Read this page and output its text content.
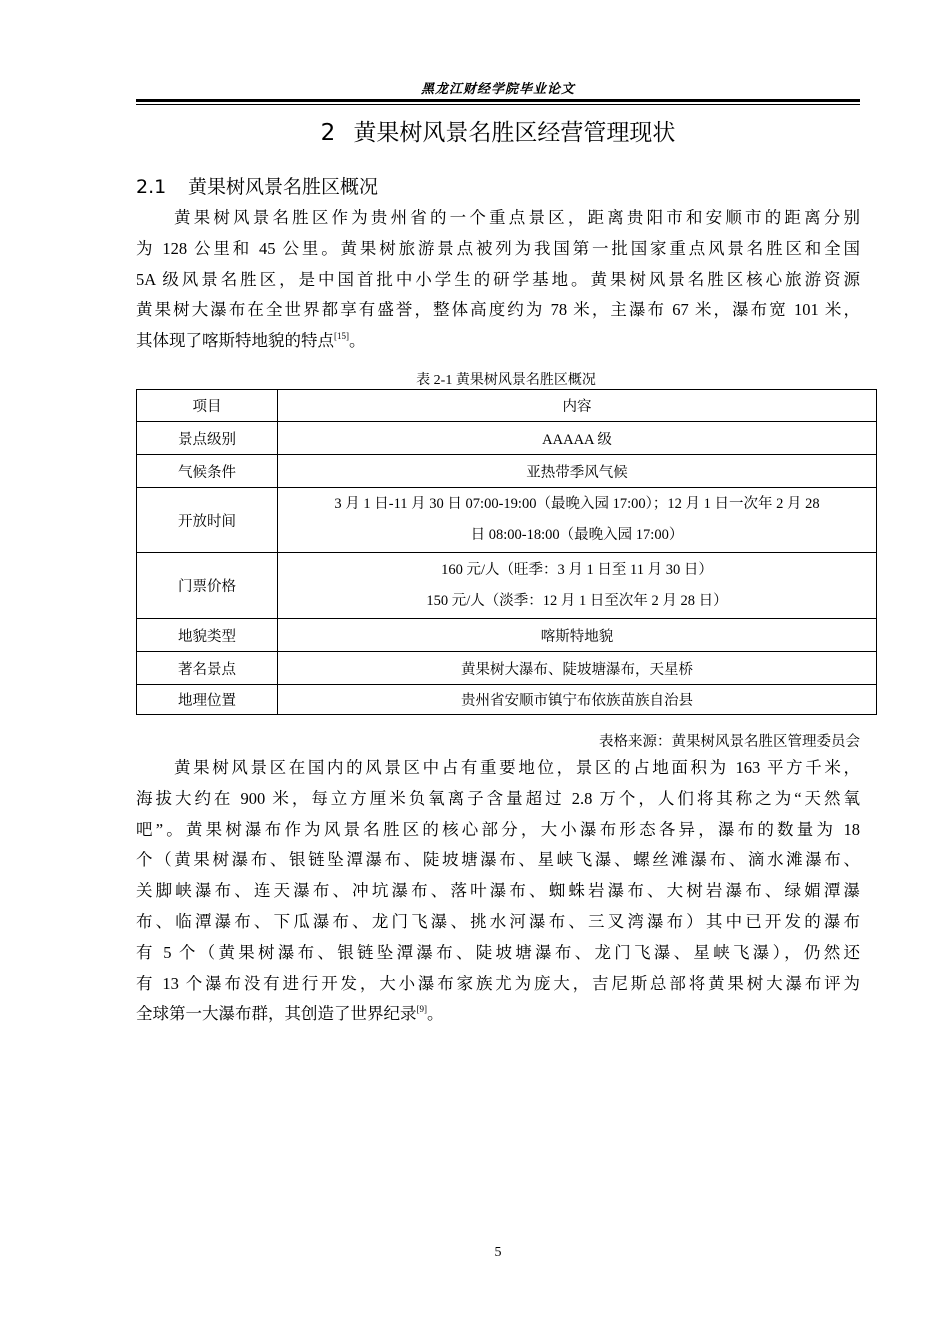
黑龙江财经学院毕业论文
2 黄果树风景名胜区经营管理现状
2.1 黄果树风景名胜区概况
黄果树风景名胜区作为贵州省的一个重点景区，距离贵阳市和安顺市的距离分别
为 128 公里和 45 公里。黄果树旅游景点被列为我国第一批国家重点风景名胜区和全国
5A 级风景名胜区，是中国首批中小学生的研学基地。黄果树风景名胜区核心旅游资源
黄果树大瀑布在全世界都享有盛誉，整体高度约为 78 米，主瀑布 67 米，瀑布宽 101 米，
其体现了喀斯特地貌的特点[15]。
表 2-1 黄果树风景名胜区概况
项目	内容
景点级别	AAAAA 级
气候条件	亚热带季风气候
开放时间	3 月 1 日-11 月 30 日 07:00-19:00（最晚入园 17:00）；12 月 1 日一次年 2 月 28
日 08:00-18:00（最晚入园 17:00）

门票价格	160 元/人（旺季：3 月 1 日至 11 月 30 日）
150 元/人（淡季：12 月 1 日至次年 2 月 28 日）

地貌类型	喀斯特地貌
著名景点	黄果树大瀑布、陡坡塘瀑布，天星桥
地理位置	贵州省安顺市镇宁布依族苗族自治县
表格来源：黄果树风景名胜区管理委员会
黄果树风景区在国内的风景区中占有重要地位，景区的占地面积为 163 平方千米，
海拔大约在 900 米，每立方厘米负氧离子含量超过 2.8 万个，人们将其称之为“天然氧
吧”。黄果树瀑布作为风景名胜区的核心部分，大小瀑布形态各异，瀑布的数量为 18
个（黄果树瀑布、银链坠潭瀑布、陡坡塘瀑布、星峡飞瀑、螺丝滩瀑布、滴水滩瀑布、
关脚峡瀑布、连天瀑布、冲坑瀑布、落叶瀑布、蜘蛛岩瀑布、大树岩瀑布、绿媚潭瀑
布、临潭瀑布、下瓜瀑布、龙门飞瀑、挑水河瀑布、三叉湾瀑布）其中已开发的瀑布
有 5 个（黄果树瀑布、银链坠潭瀑布、陡坡塘瀑布、龙门飞瀑、星峡飞瀑），仍然还
有 13 个瀑布没有进行开发，大小瀑布家族尤为庞大，吉尼斯总部将黄果树大瀑布评为
全球第一大瀑布群，其创造了世界纪录[9]。
5
